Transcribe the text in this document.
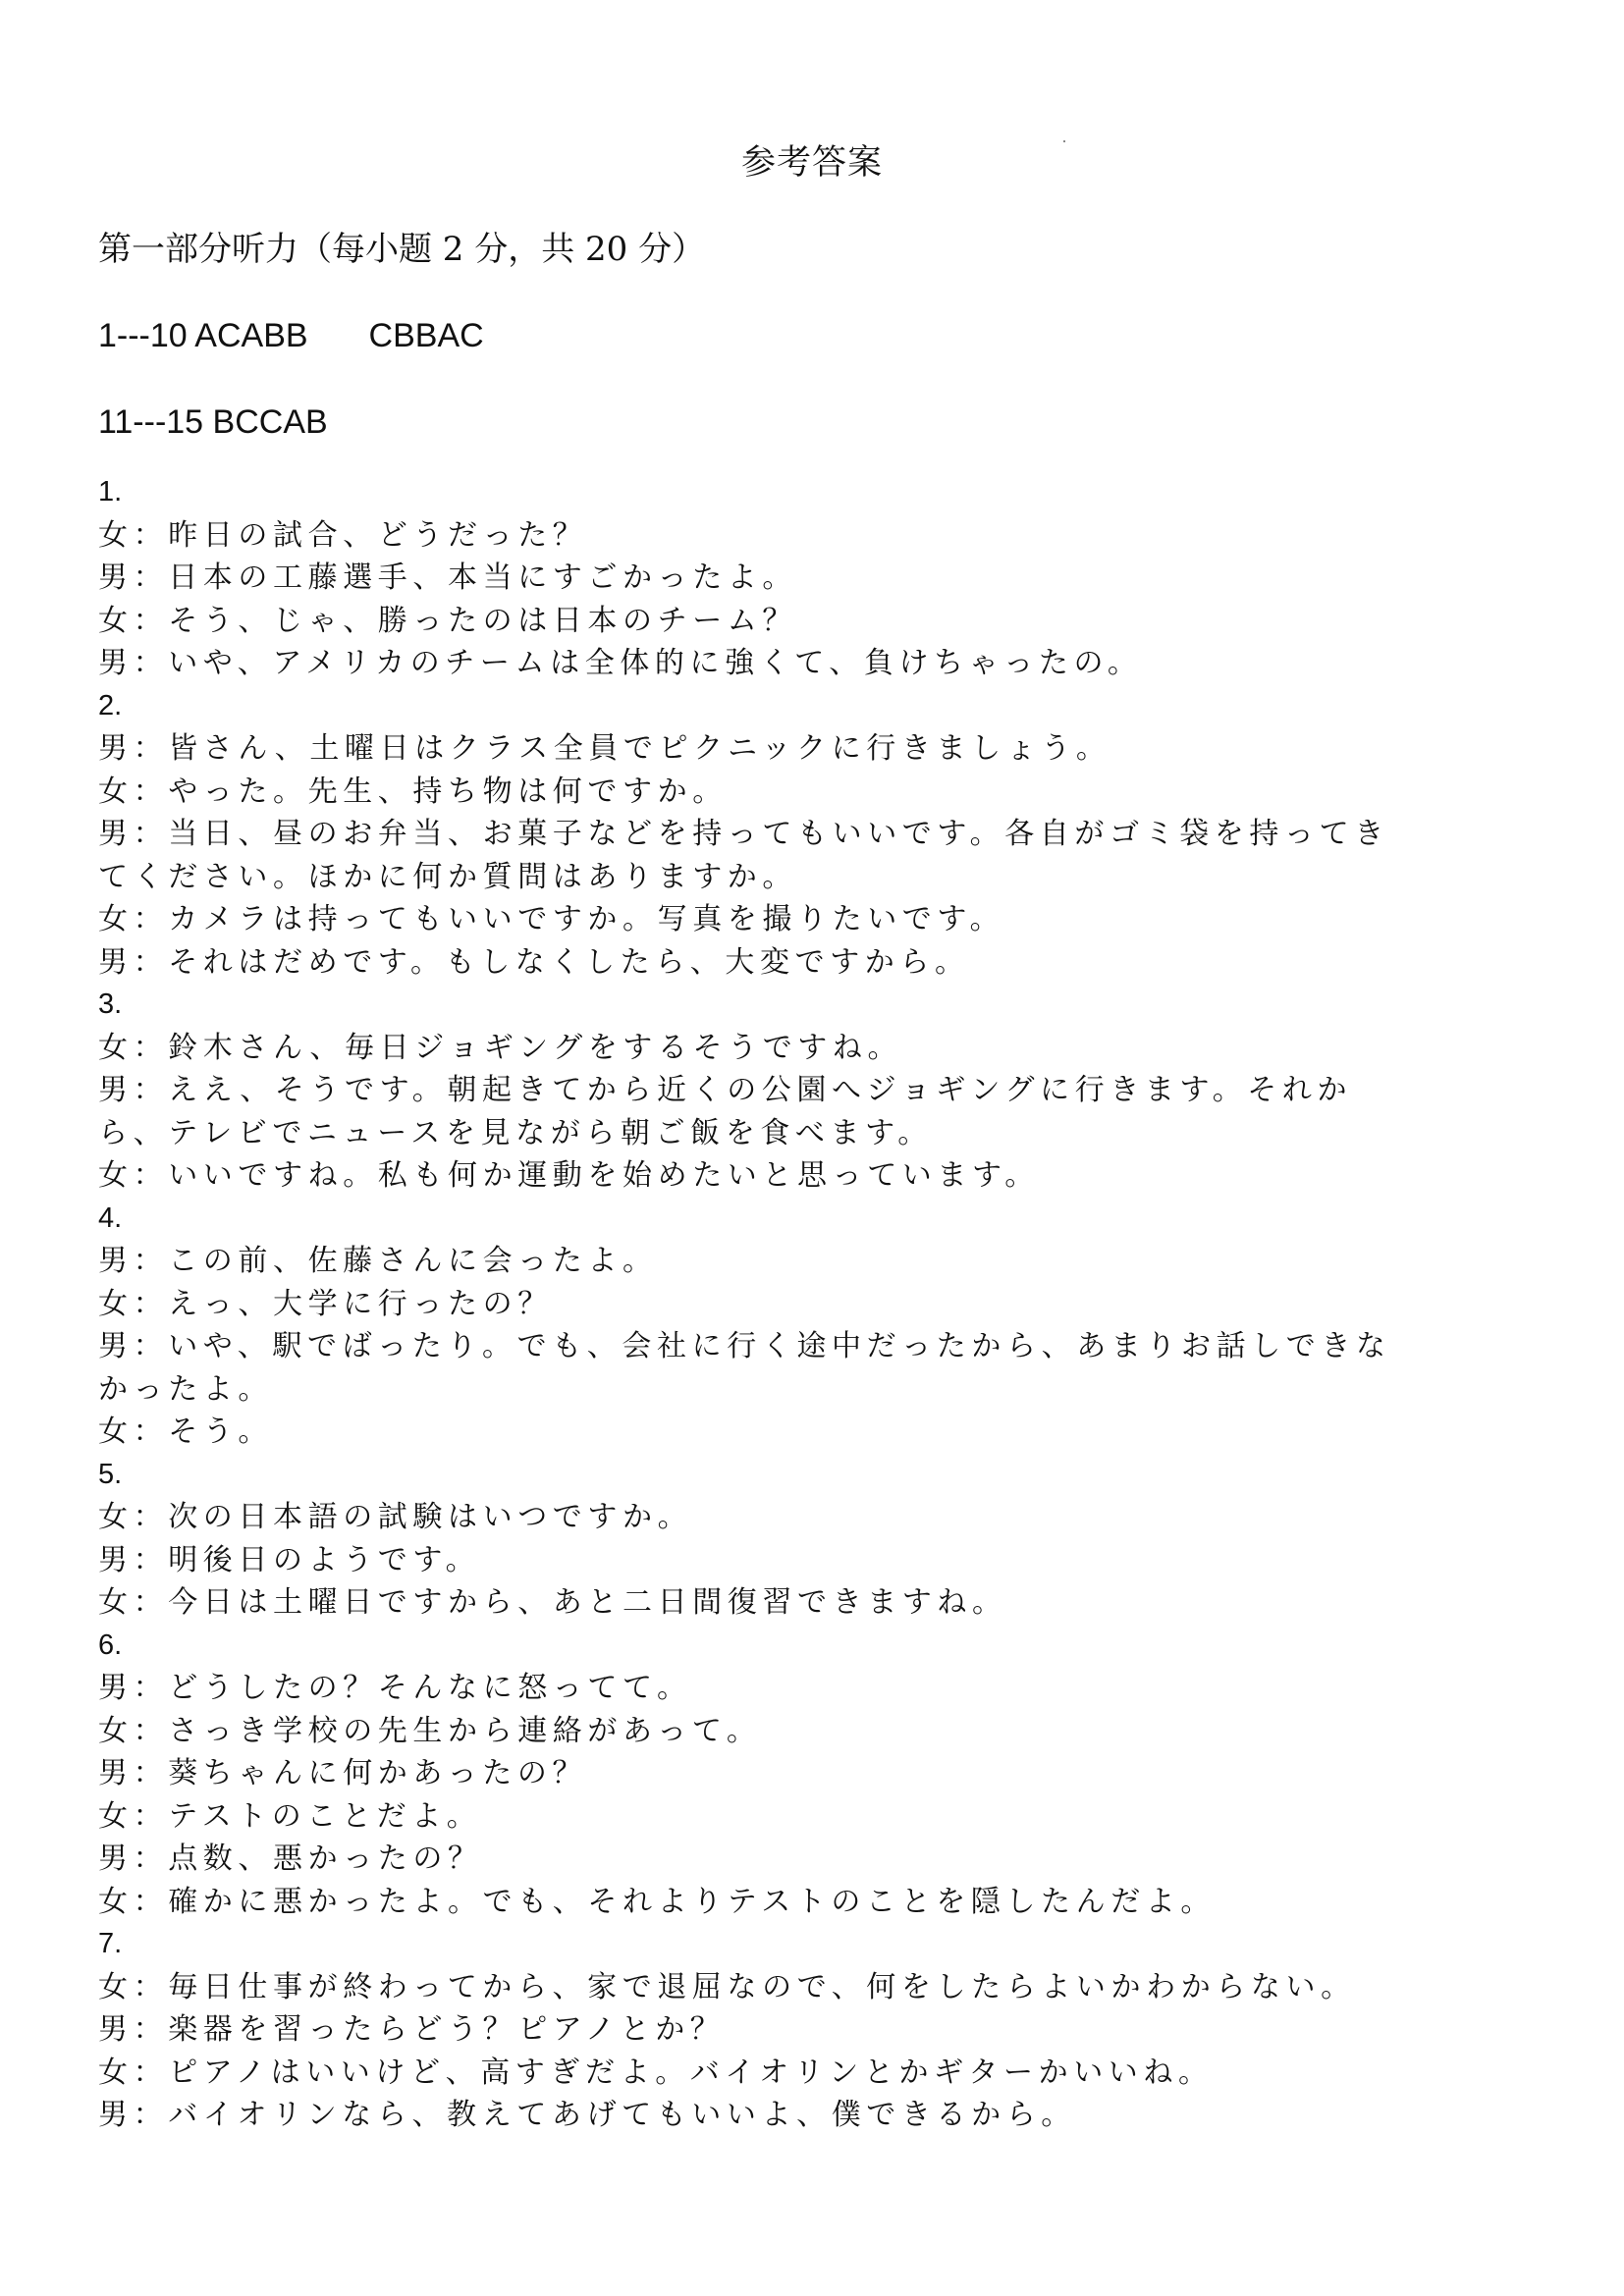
参考答案
第一部分听力（每小题 2 分，共 20 分）
1---10 ACABB CBBAC
11---15 BCCAB
1.
女：昨日の試合、どうだった？
男：日本の工藤選手、本当にすごかったよ。
女：そう、じゃ、勝ったのは日本のチーム？
男：いや、アメリカのチームは全体的に強くて、負けちゃったの。
2.
男：皆さん、土曜日はクラス全員でピクニックに行きましょう。
女：やった。先生、持ち物は何ですか。
男：当日、昼のお弁当、お菓子などを持ってもいいです。各自がゴミ袋を持ってきてください。ほかに何か質問はありますか。
女：カメラは持ってもいいですか。写真を撮りたいです。
男：それはだめです。もしなくしたら、大変ですから。
3.
女：鈴木さん、毎日ジョギングをするそうですね。
男：ええ、そうです。朝起きてから近くの公園へジョギングに行きます。それから、テレビでニュースを見ながら朝ご飯を食べます。
女：いいですね。私も何か運動を始めたいと思っています。
4.
男：この前、佐藤さんに会ったよ。
女：えっ、大学に行ったの？
男：いや、駅でばったり。でも、会社に行く途中だったから、あまりお話しできなかったよ。
女：そう。
5.
女：次の日本語の試験はいつですか。
男：明後日のようです。
女：今日は土曜日ですから、あと二日間復習できますね。
6.
男：どうしたの？そんなに怒ってて。
女：さっき学校の先生から連絡があって。
男：葵ちゃんに何かあったの？
女：テストのことだよ。
男：点数、悪かったの？
女：確かに悪かったよ。でも、それよりテストのことを隠したんだよ。
7.
女：毎日仕事が終わってから、家で退屈なので、何をしたらよいかわからない。
男：楽器を習ったらどう？ピアノとか？
女：ピアノはいいけど、高すぎだよ。バイオリンとかギターかいいね。
男：バイオリンなら、教えてあげてもいいよ、僕できるから。
